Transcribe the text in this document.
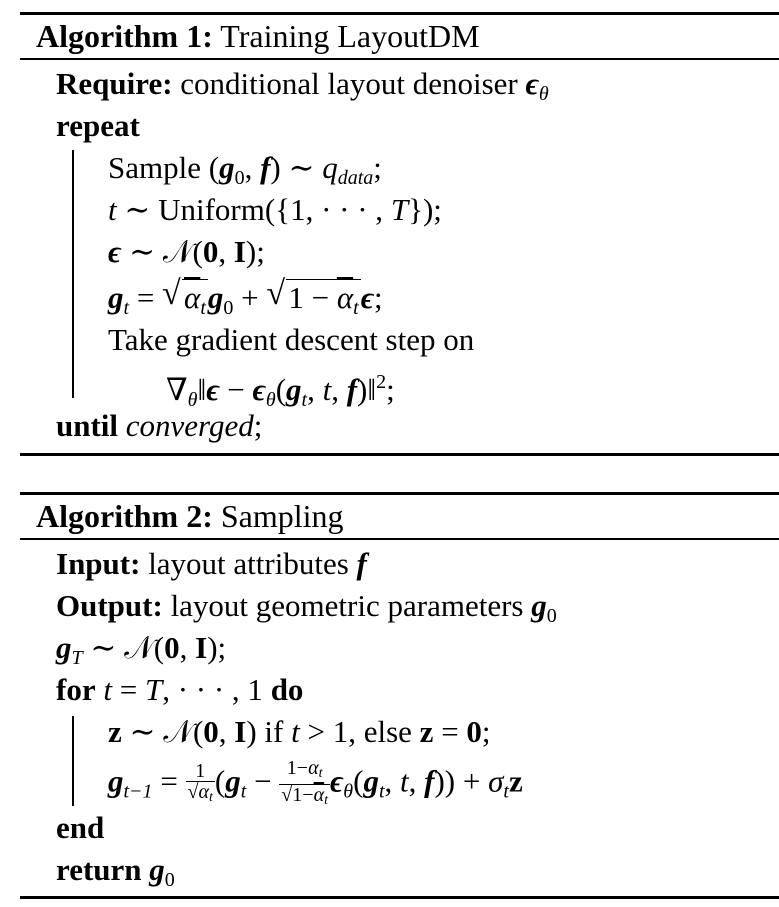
Algorithm 1: Training LayoutDM
Require: conditional layout denoiser $\epsilon_\theta$
repeat
Sample (g0, f) ∼ $q_{data}$;
t ∼ Uniform({1, · · · , T});
ϵ ∼ 𝒩(0, I);
$g_t$ = √ $\overline{\alpha}_tg0$ + √ $1 - \overline{\alpha}_t\epsilon$;
Take gradient descent step on
$\nabla_\theta‖\epsilon - \epsilon_\theta(g_t$, t, f)‖$^2$;
until converged;
Algorithm 2: Sampling
Input: layout attributes f
Output: layout geometric parameters g0
$g_T$ ∼ 𝒩(0, I);
for t = T, · · · , 1 do
z ∼ 𝒩(0, I) if t > 1, else z = 0;
$g_{t-1} = \frac{1}{√\alpha_t} (g_t - \frac{1-\alpha_t}{√1-\overline{\alpha}_t} \epsilon_\theta(g_t$, t, $f)) + \sigma_tz$
end
return g0
